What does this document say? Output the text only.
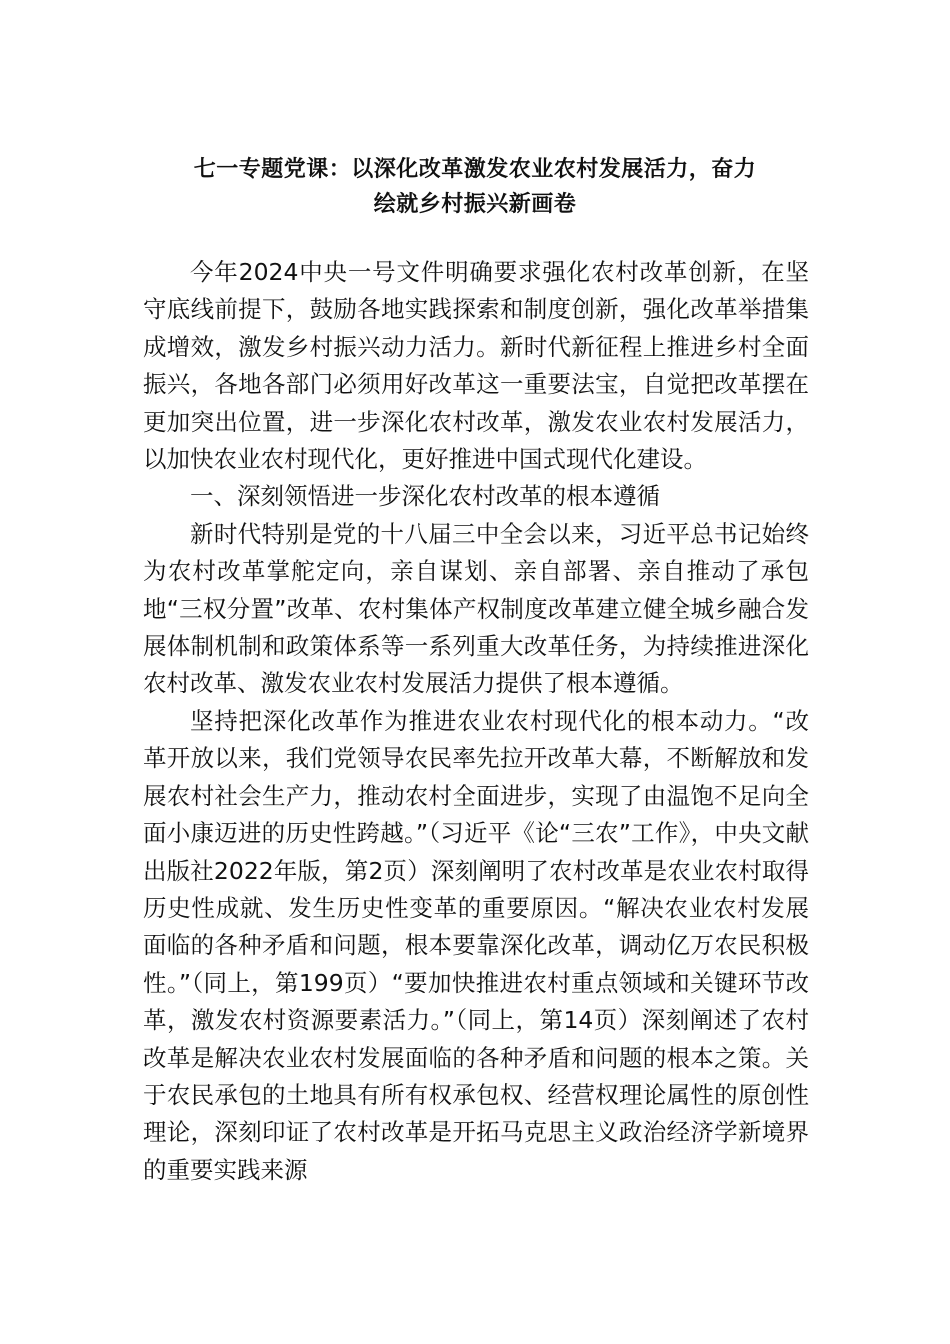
七一专题党课：以深化改革激发农业农村发展活力，奋力
绘就乡村振兴新画卷

今年2024中央一号文件明确要求强化农村改革创新，在坚守底线前提下，鼓励各地实践探索和制度创新，强化改革举措集成增效，激发乡村振兴动力活力。新时代新征程上推进乡村全面振兴，各地各部门必须用好改革这一重要法宝，自觉把改革摆在更加突出位置，进一步深化农村改革，激发农业农村发展活力，以加快农业农村现代化，更好推进中国式现代化建设。

一、深刻领悟进一步深化农村改革的根本遵循

新时代特别是党的十八届三中全会以来，习近平总书记始终为农村改革掌舵定向，亲自谋划、亲自部署、亲自推动了承包地“三权分置”改革、农村集体产权制度改革建立健全城乡融合发展体制机制和政策体系等一系列重大改革任务，为持续推进深化农村改革、激发农业农村发展活力提供了根本遵循。

坚持把深化改革作为推进农业农村现代化的根本动力。“改革开放以来，我们党领导农民率先拉开改革大幕，不断解放和发展农村社会生产力，推动农村全面进步，实现了由温饱不足向全面小康迈进的历史性跨越。”（习近平《论“三农”工作》，中央文献出版社2022年版，第2页）深刻阐明了农村改革是农业农村取得历史性成就、发生历史性变革的重要原因。“解决农业农村发展面临的各种矛盾和问题，根本要靠深化改革，调动亿万农民积极性。”（同上，第199页）“要加快推进农村重点领域和关键环节改革，激发农村资源要素活力。”（同上，第14页）深刻阐述了农村改革是解决农业农村发展面临的各种矛盾和问题的根本之策。关于农民承包的土地具有所有权承包权、经营权理论属性的原创性理论，深刻印证了农村改革是开拓马克思主义政治经济学新境界的重要实践来源
